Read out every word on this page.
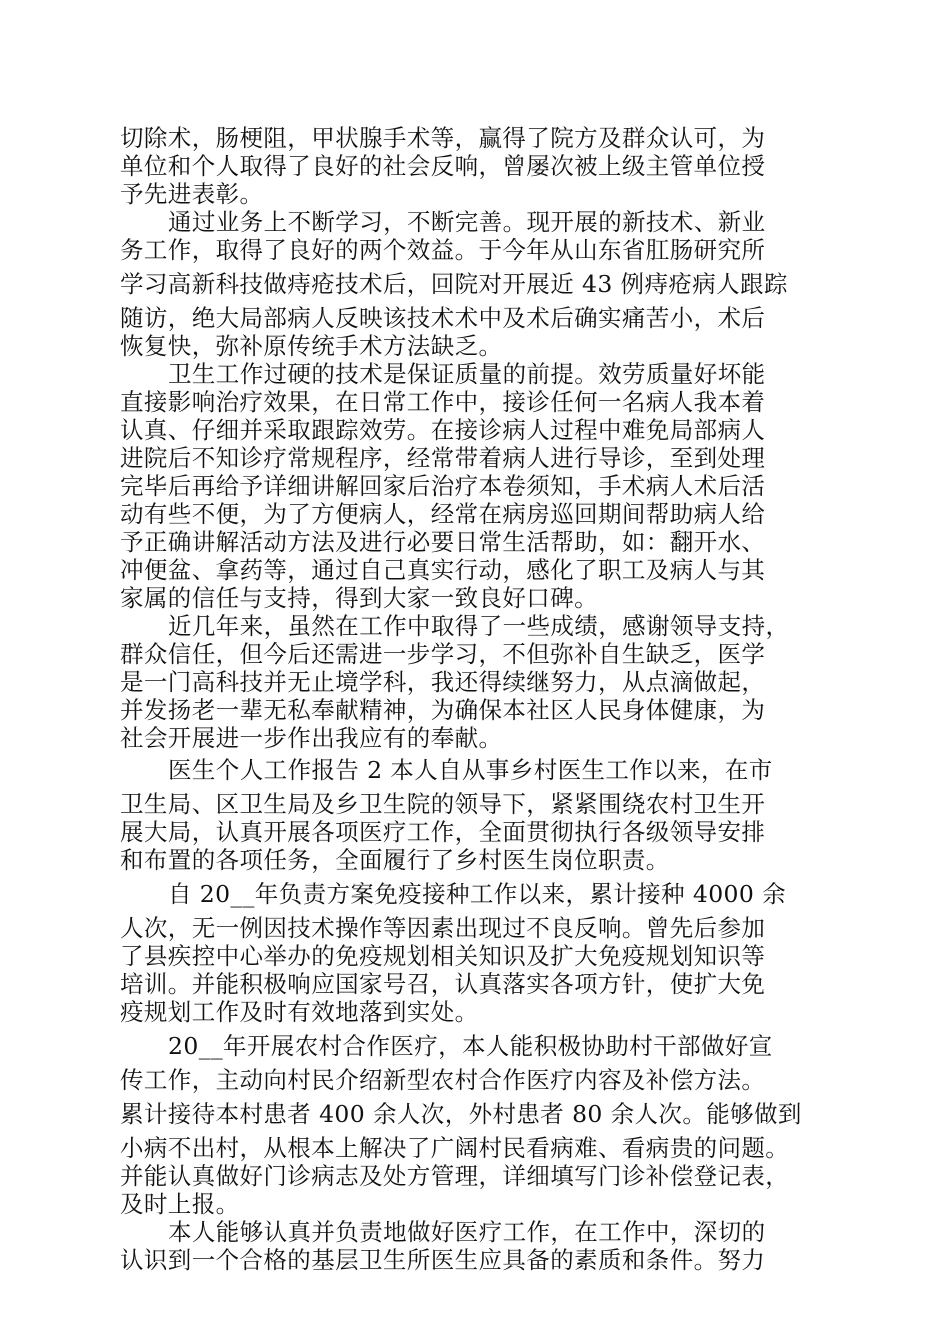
切除术，肠梗阻，甲状腺手术等，赢得了院方及群众认可，为
单位和个人取得了良好的社会反响，曾屡次被上级主管单位授
予先进表彰。
通过业务上不断学习，不断完善。现开展的新技术、新业
务工作，取得了良好的两个效益。于今年从山东省肛肠研究所
学习高新科技做痔疮技术后，回院对开展近 43 例痔疮病人跟踪
随访，绝大局部病人反映该技术术中及术后确实痛苦小，术后
恢复快，弥补原传统手术方法缺乏。
卫生工作过硬的技术是保证质量的前提。效劳质量好坏能
直接影响治疗效果，在日常工作中，接诊任何一名病人我本着
认真、仔细并采取跟踪效劳。在接诊病人过程中难免局部病人
进院后不知诊疗常规程序，经常带着病人进行导诊，至到处理
完毕后再给予详细讲解回家后治疗本卷须知，手术病人术后活
动有些不便，为了方便病人，经常在病房巡回期间帮助病人给
予正确讲解活动方法及进行必要日常生活帮助，如：翻开水、
冲便盆、拿药等，通过自己真实行动，感化了职工及病人与其
家属的信任与支持，得到大家一致良好口碑。
近几年来，虽然在工作中取得了一些成绩，感谢领导支持，
群众信任，但今后还需进一步学习，不但弥补自生缺乏，医学
是一门高科技并无止境学科，我还得续继努力，从点滴做起，
并发扬老一辈无私奉献精神，为确保本社区人民身体健康，为
社会开展进一步作出我应有的奉献。
医生个人工作报告 2 本人自从事乡村医生工作以来，在市
卫生局、区卫生局及乡卫生院的领导下，紧紧围绕农村卫生开
展大局，认真开展各项医疗工作，全面贯彻执行各级领导安排
和布置的各项任务，全面履行了乡村医生岗位职责。
自 20__年负责方案免疫接种工作以来，累计接种 4000 余
人次，无一例因技术操作等因素出现过不良反响。曾先后参加
了县疾控中心举办的免疫规划相关知识及扩大免疫规划知识等
培训。并能积极响应国家号召，认真落实各项方针，使扩大免
疫规划工作及时有效地落到实处。
20__年开展农村合作医疗，本人能积极协助村干部做好宣
传工作，主动向村民介绍新型农村合作医疗内容及补偿方法。
累计接待本村患者 400 余人次，外村患者 80 余人次。能够做到
小病不出村，从根本上解决了广阔村民看病难、看病贵的问题。
并能认真做好门诊病志及处方管理，详细填写门诊补偿登记表，
及时上报。
本人能够认真并负责地做好医疗工作，在工作中，深切的
认识到一个合格的基层卫生所医生应具备的素质和条件。努力
